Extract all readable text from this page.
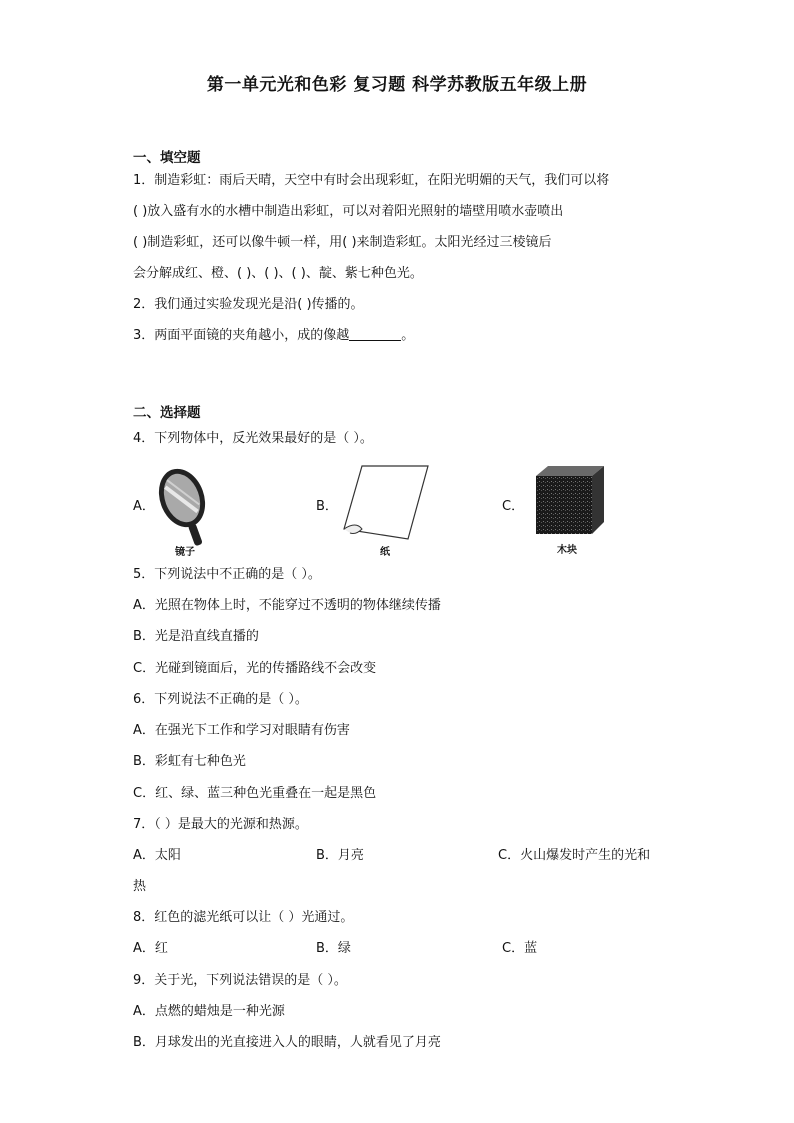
第一单元光和色彩 复习题 科学苏教版五年级上册
一、填空题
1．制造彩虹：雨后天晴，天空中有时会出现彩虹，在阳光明媚的天气，我们可以将
( )放入盛有水的水槽中制造出彩虹，可以对着阳光照射的墙壁用喷水壶喷出
( )制造彩虹，还可以像牛顿一样，用( )来制造彩虹。太阳光经过三棱镜后
会分解成红、橙、( )、( )、( )、靛、紫七种色光。
2．我们通过实验发现光是沿( )传播的。
3．两面平面镜的夹角越小，成的像越	。
二、选择题
4．下列物体中，反光效果最好的是（ ）。
A．
镜子
B．
纸
C．
木块
5．下列说法中不正确的是（ ）。
A．光照在物体上时，不能穿过不透明的物体继续传播
B．光是沿直线直播的
C．光碰到镜面后，光的传播路线不会改变
6．下列说法不正确的是（ ）。
A．在强光下工作和学习对眼睛有伤害
B．彩虹有七种色光
C．红、绿、蓝三种色光重叠在一起是黑色
7．（ ）是最大的光源和热源。
A．太阳	B．月亮	C．火山爆发时产生的光和
热
8．红色的滤光纸可以让（ ）光通过。
A．红	B．绿	C．蓝
9．关于光，下列说法错误的是（ ）。
A．点燃的蜡烛是一种光源
B．月球发出的光直接进入人的眼睛，人就看见了月亮
